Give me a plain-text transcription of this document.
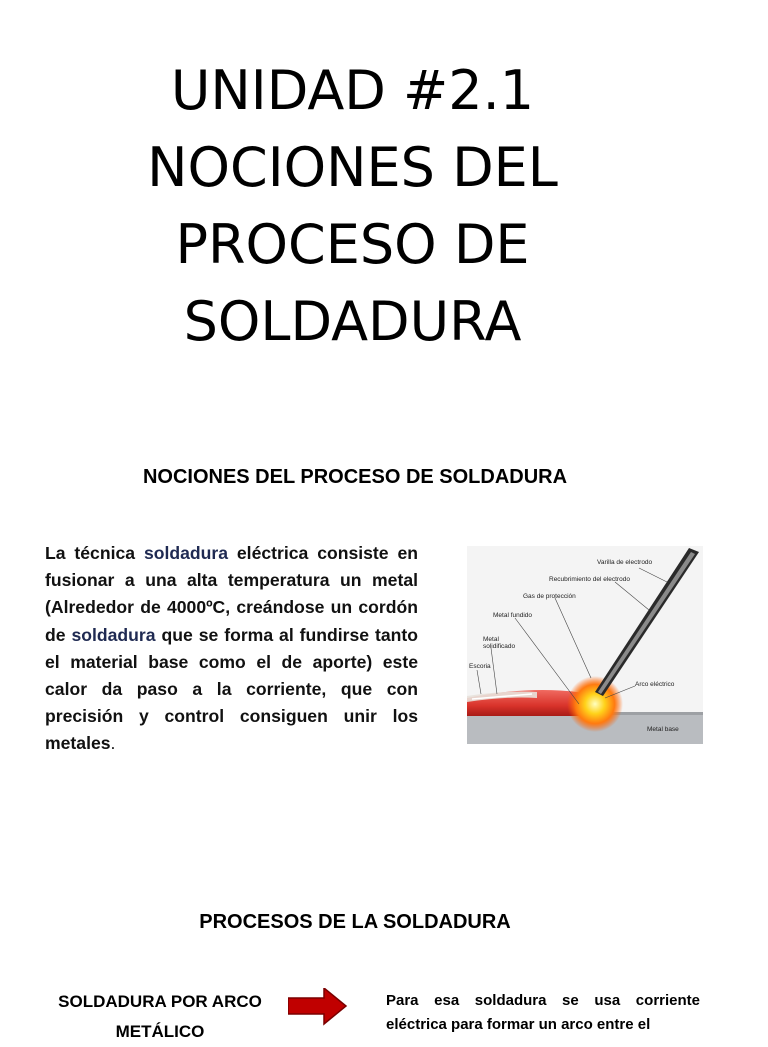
UNIDAD #2.1
NOCIONES DEL
PROCESO DE
SOLDADURA
NOCIONES DEL PROCESO DE SOLDADURA
La técnica soldadura eléctrica consiste en fusionar a una alta temperatura un metal (Alrededor de 4000ºC, creándose un cordón de soldadura que se forma al fundirse tanto el material base como el de aporte) este calor da paso a la corriente, que con precisión y control consiguen unir los metales.
Varilla de electrodo
Recubrimiento del electrodo
Gas de protección
Metal fundido
Metal
solidificado
Escoria
Arco eléctrico
Metal base
PROCESOS DE LA SOLDADURA
SOLDADURA POR ARCO METÁLICO
Para esa soldadura se usa corriente eléctrica para formar un arco entre el
